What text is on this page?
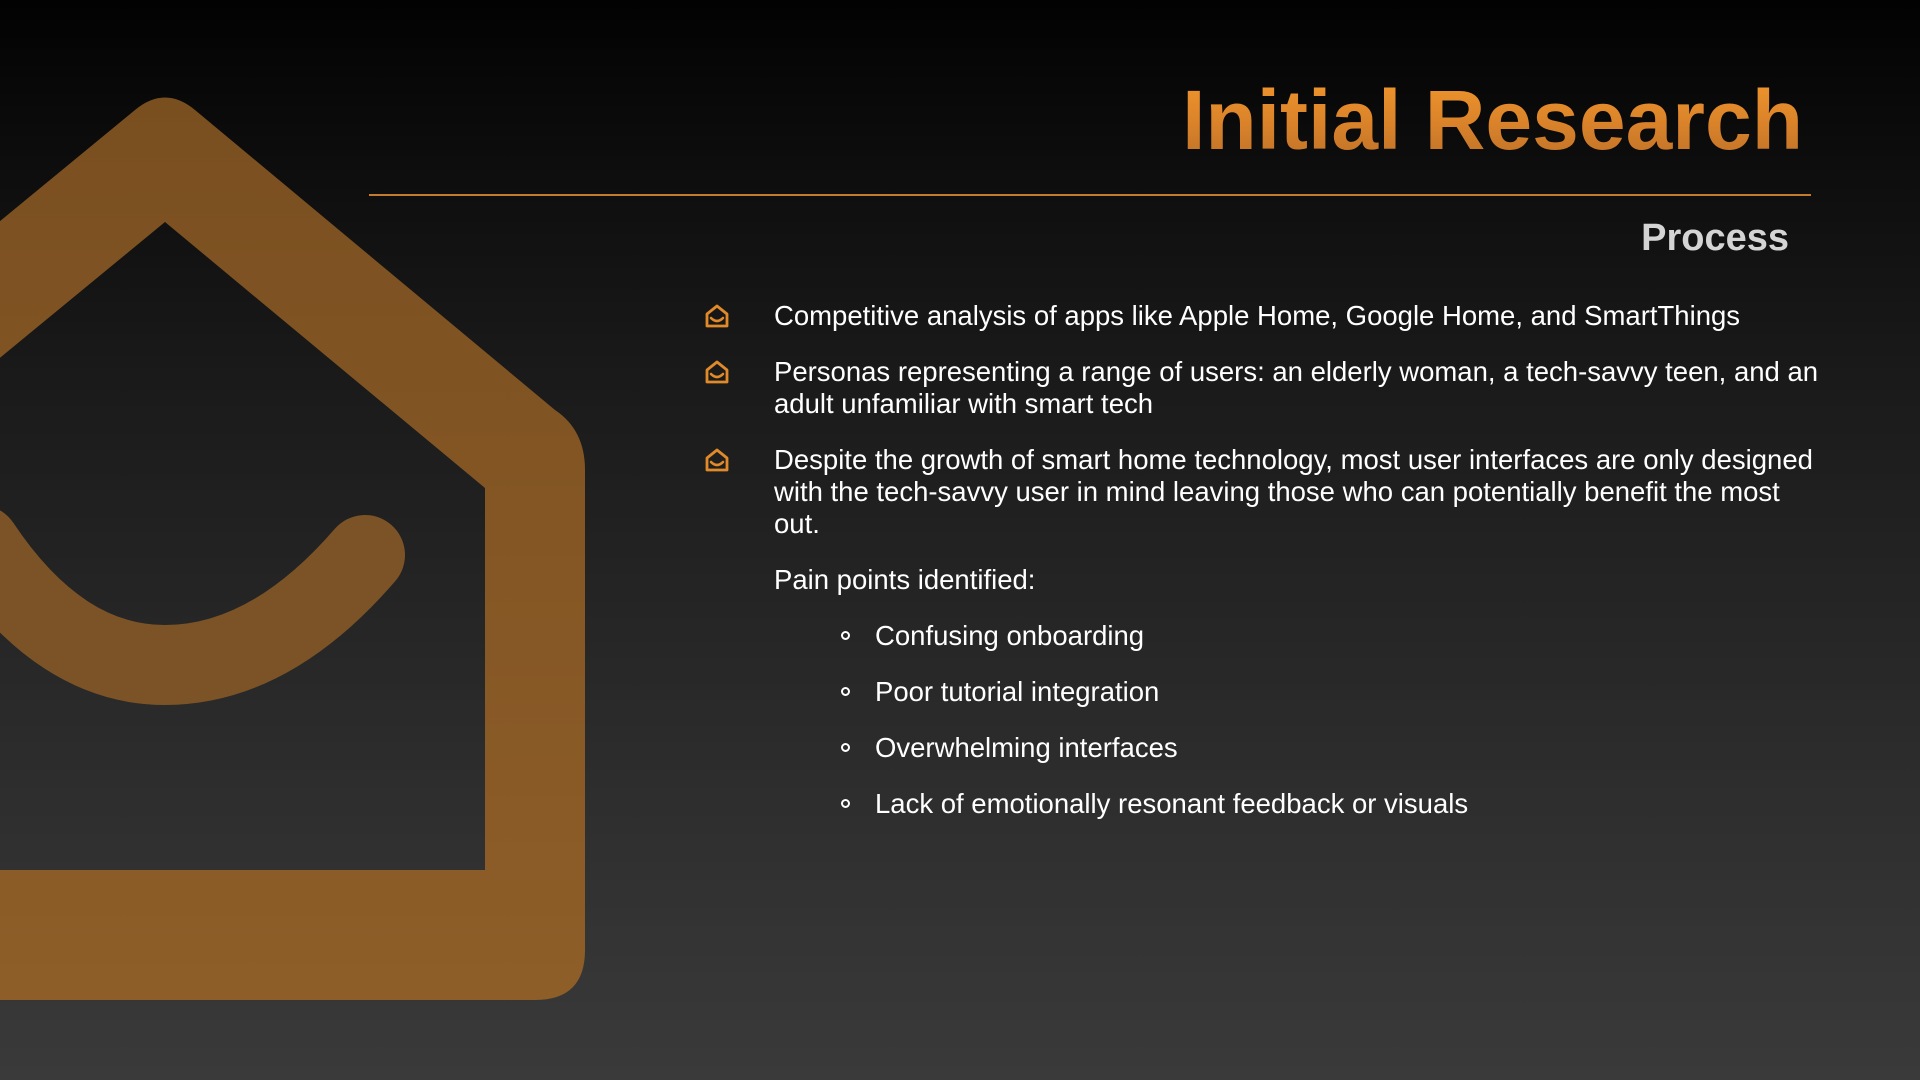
Initial Research
Process
Competitive analysis of apps like Apple Home, Google Home, and SmartThings
Personas representing a range of users: an elderly woman, a tech-savvy teen, and an adult unfamiliar with smart tech
Despite the growth of smart home technology, most user interfaces are only designed with the tech-savvy user in mind leaving those who can potentially benefit the most out.
Pain points identified:
Confusing onboarding
Poor tutorial integration
Overwhelming interfaces
Lack of emotionally resonant feedback or visuals
